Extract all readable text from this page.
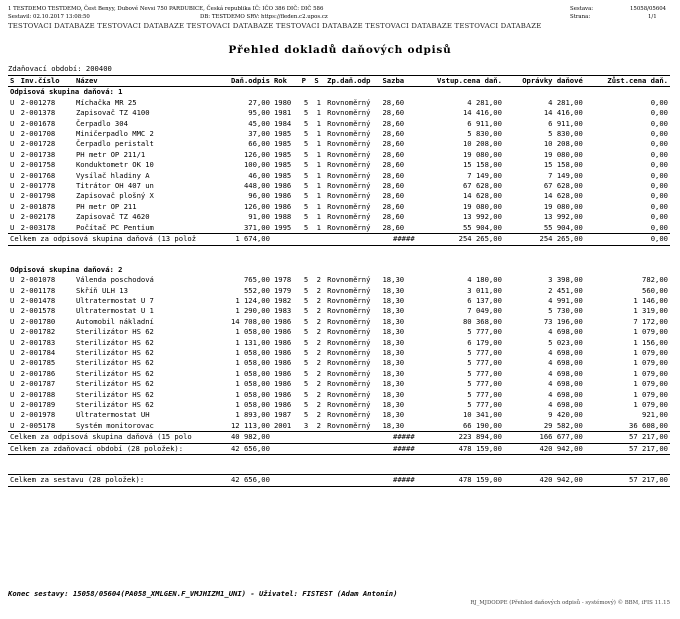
1 TESTDEMO TESTDEMO, Čest Benyy, Dubové Nevsi 750 PARDUBICE, Česká republika IČ: IČO 386 DIČ: DIČ 586
Sestavil: 02.10.2017 13:08:50	DB: TESTDEMO SRV: https://fleden.c2.upos.cz
Sestava:	15058/05604
Strana:	1/1
TESTOVACI DATABAZE TESTOVACI DATABAZE TESTOVACI DATABAZE TESTOVACI DATABAZE TESTOVACI DATABAZE TESTOVACI DATABAZE
Přehled dokladů daňových odpisů
Zdaňovací období: 200400
S	Inv.číslo	Název	Daň.odpis	Rok	P	S	Zp.daň.odp	Sazba	Vstup.cena daň.	Oprávky daňové	Zůst.cena daň.
Odpisová skupina daňová: 1											
U	2-001278	Míchačka MR 25	27,00	1980	5	1	Rovnoměrný	28,60	4 281,00	4 281,00	0,00
U	2-001378	Zapisovač TZ 4100	95,00	1981	5	1	Rovnoměrný	28,60	14 416,00	14 416,00	0,00
U	2-001678	Čerpadlo 304	45,00	1984	5	1	Rovnoměrný	28,60	6 911,00	6 911,00	0,00
U	2-001708	Miničerpadlo MMC 2	37,00	1985	5	1	Rovnoměrný	28,60	5 830,00	5 830,00	0,00
U	2-001728	Čerpadlo peristalt	66,00	1985	5	1	Rovnoměrný	28,60	10 208,00	10 208,00	0,00
U	2-001738	PH metr OP 211/1	126,00	1985	5	1	Rovnoměrný	28,60	19 080,00	19 080,00	0,00
U	2-001758	Konduktometr OK 10	100,00	1985	5	1	Rovnoměrný	28,60	15 158,00	15 158,00	0,00
U	2-001768	Vysílač hladiny A	46,00	1985	5	1	Rovnoměrný	28,60	7 149,00	7 149,00	0,00
U	2-001778	Titrátor OH 407 un	448,00	1986	5	1	Rovnoměrný	28,60	67 628,00	67 628,00	0,00
U	2-001798	Zapisovač plošný X	96,00	1986	5	1	Rovnoměrný	28,60	14 628,00	14 628,00	0,00
U	2-001878	PH metr OP 211	126,00	1986	5	1	Rovnoměrný	28,60	19 080,00	19 080,00	0,00
U	2-002178	Zapisovač TZ 4620	91,00	1988	5	1	Rovnoměrný	28,60	13 992,00	13 992,00	0,00
U	2-003178	Počítač PC Pentium	371,00	1995	5	1	Rovnoměrný	28,60	55 904,00	55 904,00	0,00
Celkem za odpisová skupina daňová (13 polož			1 674,00					#####	254 265,00	254 265,00	0,00

Odpisová skupina daňová: 2											
U	2-001078	Válenda poschodová	765,00	1978	5	2	Rovnoměrný	18,30	4 180,00	3 398,00	782,00
U	2-001178	Skříň ULH 13	552,00	1979	5	2	Rovnoměrný	18,30	3 011,00	2 451,00	560,00
U	2-001478	Ultratermostat U 7	1 124,00	1982	5	2	Rovnoměrný	18,30	6 137,00	4 991,00	1 146,00
U	2-001578	Ultratermostat U 1	1 290,00	1983	5	2	Rovnoměrný	18,30	7 049,00	5 730,00	1 319,00
U	2-001780	Automobil nákladní	14 708,00	1986	5	2	Rovnoměrný	18,30	80 368,00	73 196,00	7 172,00
U	2-001782	Sterilizátor HS 62	1 058,00	1986	5	2	Rovnoměrný	18,30	5 777,00	4 698,00	1 079,00
U	2-001783	Sterilizátor HS 62	1 131,00	1986	5	2	Rovnoměrný	18,30	6 179,00	5 023,00	1 156,00
U	2-001784	Sterilizátor HS 62	1 058,00	1986	5	2	Rovnoměrný	18,30	5 777,00	4 698,00	1 079,00
U	2-001785	Sterilizátor HS 62	1 058,00	1986	5	2	Rovnoměrný	18,30	5 777,00	4 698,00	1 079,00
U	2-001786	Sterilizátor HS 62	1 058,00	1986	5	2	Rovnoměrný	18,30	5 777,00	4 698,00	1 079,00
U	2-001787	Sterilizátor HS 62	1 058,00	1986	5	2	Rovnoměrný	18,30	5 777,00	4 698,00	1 079,00
U	2-001788	Sterilizátor HS 62	1 058,00	1986	5	2	Rovnoměrný	18,30	5 777,00	4 698,00	1 079,00
U	2-001789	Sterilizátor HS 62	1 058,00	1986	5	2	Rovnoměrný	18,30	5 777,00	4 698,00	1 079,00
U	2-001978	Ultratermostat UH	1 893,00	1987	5	2	Rovnoměrný	18,30	10 341,00	9 420,00	921,00
U	2-005178	Systém monitorovac	12 113,00	2001	3	2	Rovnoměrný	18,30	66 190,00	29 582,00	36 608,00
Celkem za odpisová skupina daňová (15 polo			40 982,00					#####	223 894,00	166 677,00	57 217,00
Celkem za zdaňovací období (28 položek):			42 656,00					#####	478 159,00	420 942,00	57 217,00

Celkem za sestavu (28 položek):			42 656,00					#####	478 159,00	420 942,00	57 217,00
Konec sestavy: 15058/05604(PA058_XMLGEN.F_VMJHIZM1_UNI) - Uživatel: FISTEST (Adam Antonín)
RJ_MJDODPE (Přehled daňových odpisů - systémový) © BBM, iFIS 11.15
